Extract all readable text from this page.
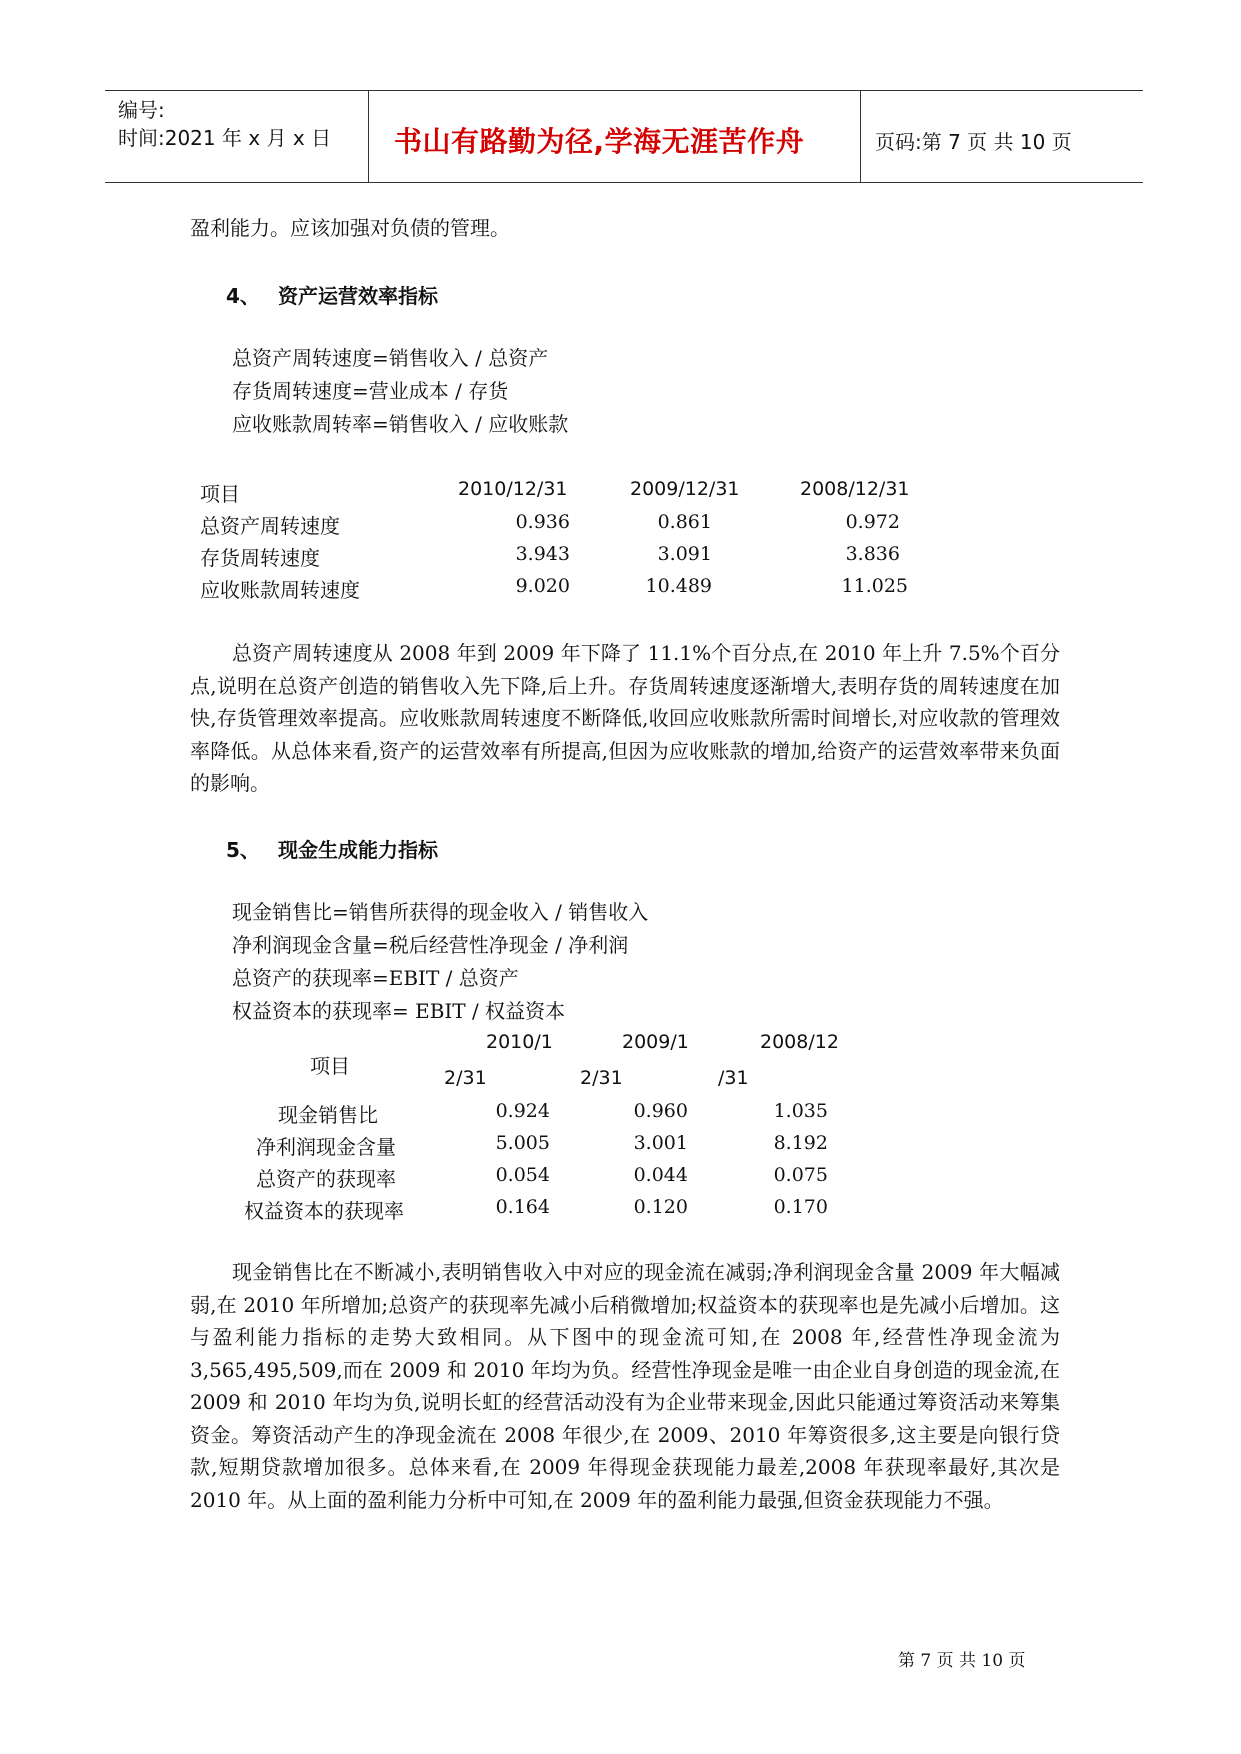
编号:
时间:2021 年 x 月 x 日 书山有路勤为径,学海无涯苦作舟	页码:第 7 页 共 10 页
盈利能力。应该加强对负债的管理。
4、 资产运营效率指标
总资产周转速度=销售收入 / 总资产
存货周转速度=营业成本 / 存货
应收账款周转率=销售收入 / 应收账款
项目	2010/12/31	2009/12/31	2008/12/31
总资产周转速度	0.936	0.861	0.972
存货周转速度	3.943	3.091	3.836
应收账款周转速度	9.020	10.489	11.025
总资产周转速度从 2008 年到 2009 年下降了 11.1%个百分点,在 2010 年上升 7.5%个百分点,说明在总资产创造的销售收入先下降,后上升。存货周转速度逐渐增大,表明存货的周转速度在加快,存货管理效率提高。应收账款周转速度不断降低,收回应收账款所需时间增长,对应收款的管理效率降低。从总体来看,资产的运营效率有所提高,但因为应收账款的增加,给资产的运营效率带来负面的影响。
5、 现金生成能力指标
现金销售比=销售所获得的现金收入 / 销售收入
净利润现金含量=税后经营性净现金 / 净利润
总资产的获现率=EBIT / 总资产
权益资本的获现率= EBIT / 权益资本
项目
2010/1	2009/1	2008/12
2/31	2/31	/31
现金销售比	0.924	0.960	1.035
净利润现金含量	5.005	3.001	8.192
总资产的获现率	0.054	0.044	0.075
权益资本的获现率	0.164	0.120	0.170
现金销售比在不断减小,表明销售收入中对应的现金流在减弱;净利润现金含量 2009 年大幅减弱,在 2010 年所增加;总资产的获现率先减小后稍微增加;权益资本的获现率也是先减小后增加。这与盈利能力指标的走势大致相同。从下图中的现金流可知,在 2008 年,经营性净现金流为 3,565,495,509,而在 2009 和 2010 年均为负。经营性净现金是唯一由企业自身创造的现金流,在 2009 和 2010 年均为负,说明长虹的经营活动没有为企业带来现金,因此只能通过筹资活动来筹集资金。筹资活动产生的净现金流在 2008 年很少,在 2009、2010 年筹资很多,这主要是向银行贷款,短期贷款增加很多。总体来看,在 2009 年得现金获现能力最差,2008 年获现率最好,其次是 2010 年。从上面的盈利能力分析中可知,在 2009 年的盈利能力最强,但资金获现能力不强。
第 7 页 共 10 页
